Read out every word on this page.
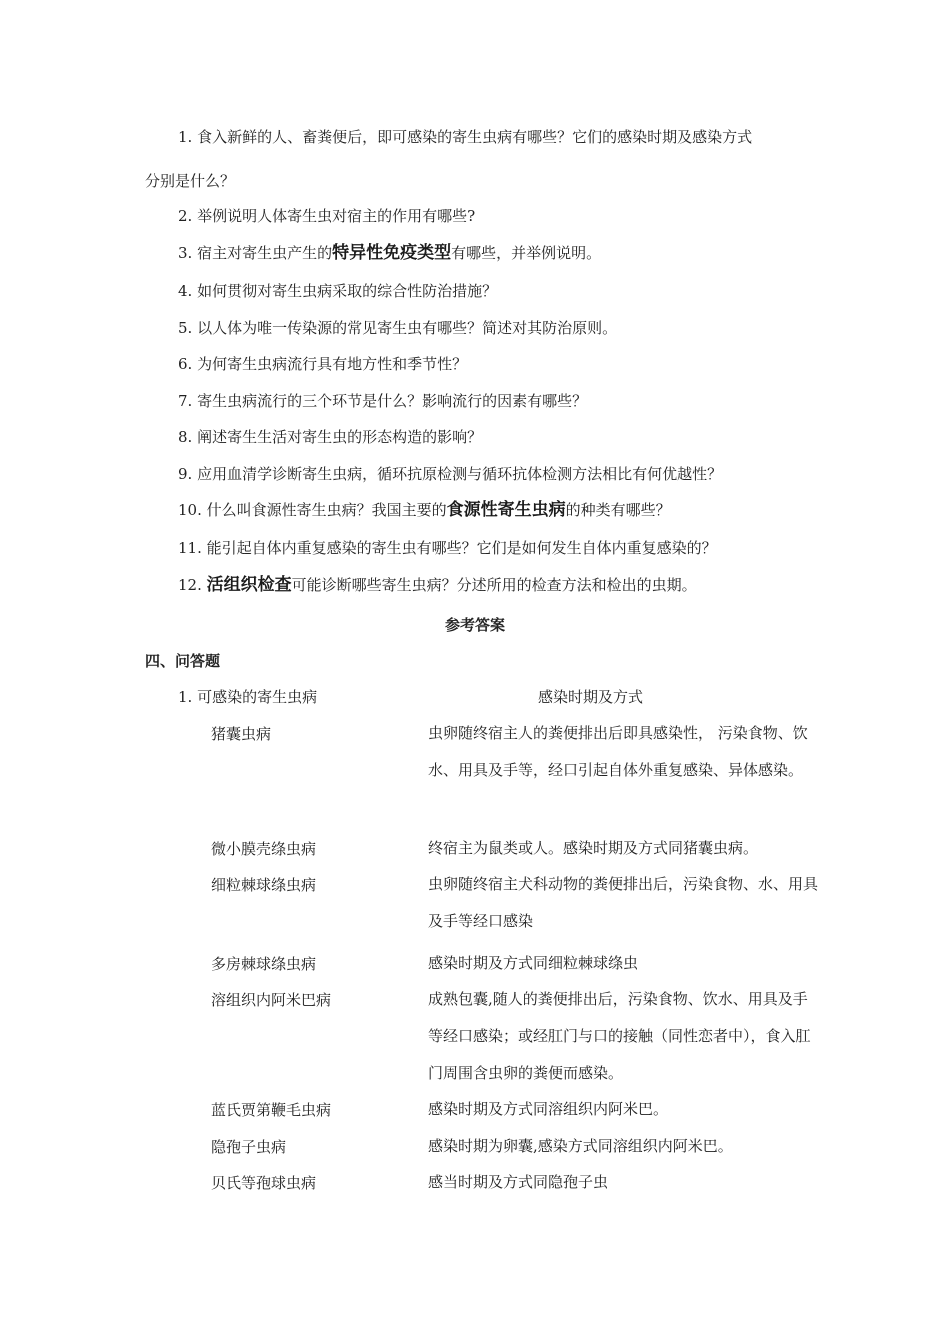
1. 食入新鲜的人、畜粪便后，即可感染的寄生虫病有哪些？它们的感染时期及感染方式
分别是什么？
2. 举例说明人体寄生虫对宿主的作用有哪些?
3. 宿主对寄生虫产生的特异性免疫类型有哪些，并举例说明。
4. 如何贯彻对寄生虫病采取的综合性防治措施？
5. 以人体为唯一传染源的常见寄生虫有哪些？简述对其防治原则。
6. 为何寄生虫病流行具有地方性和季节性？
7. 寄生虫病流行的三个环节是什么？影响流行的因素有哪些？
8. 阐述寄生生活对寄生虫的形态构造的影响？
9. 应用血清学诊断寄生虫病，循环抗原检测与循环抗体检测方法相比有何优越性？
10. 什么叫食源性寄生虫病？我国主要的食源性寄生虫病的种类有哪些？
11. 能引起自体内重复感染的寄生虫有哪些？它们是如何发生自体内重复感染的？
12. 活组织检查可能诊断哪些寄生虫病？分述所用的检查方法和检出的虫期。
参考答案
四、问答题
1. 可感染的寄生虫病	感染时期及方式
猪囊虫病	虫卵随终宿主人的粪便排出后即具感染性， 污染食物、饮水、用具及手等，经口引起自体外重复感染、异体感染。
微小膜壳绦虫病	终宿主为鼠类或人。感染时期及方式同猪囊虫病。
细粒棘球绦虫病	虫卵随终宿主犬科动物的粪便排出后，污染食物、水、用具及手等经口感染
多房棘球绦虫病	感染时期及方式同细粒棘球绦虫
溶组织内阿米巴病	成熟包囊,随人的粪便排出后，污染食物、饮水、用具及手等经口感染；或经肛门与口的接触（同性恋者中），食入肛门周围含虫卵的粪便而感染。
蓝氏贾第鞭毛虫病	感染时期及方式同溶组织内阿米巴。
隐孢子虫病	感染时期为卵囊,感染方式同溶组织内阿米巴。
贝氏等孢球虫病	感当时期及方式同隐孢子虫
